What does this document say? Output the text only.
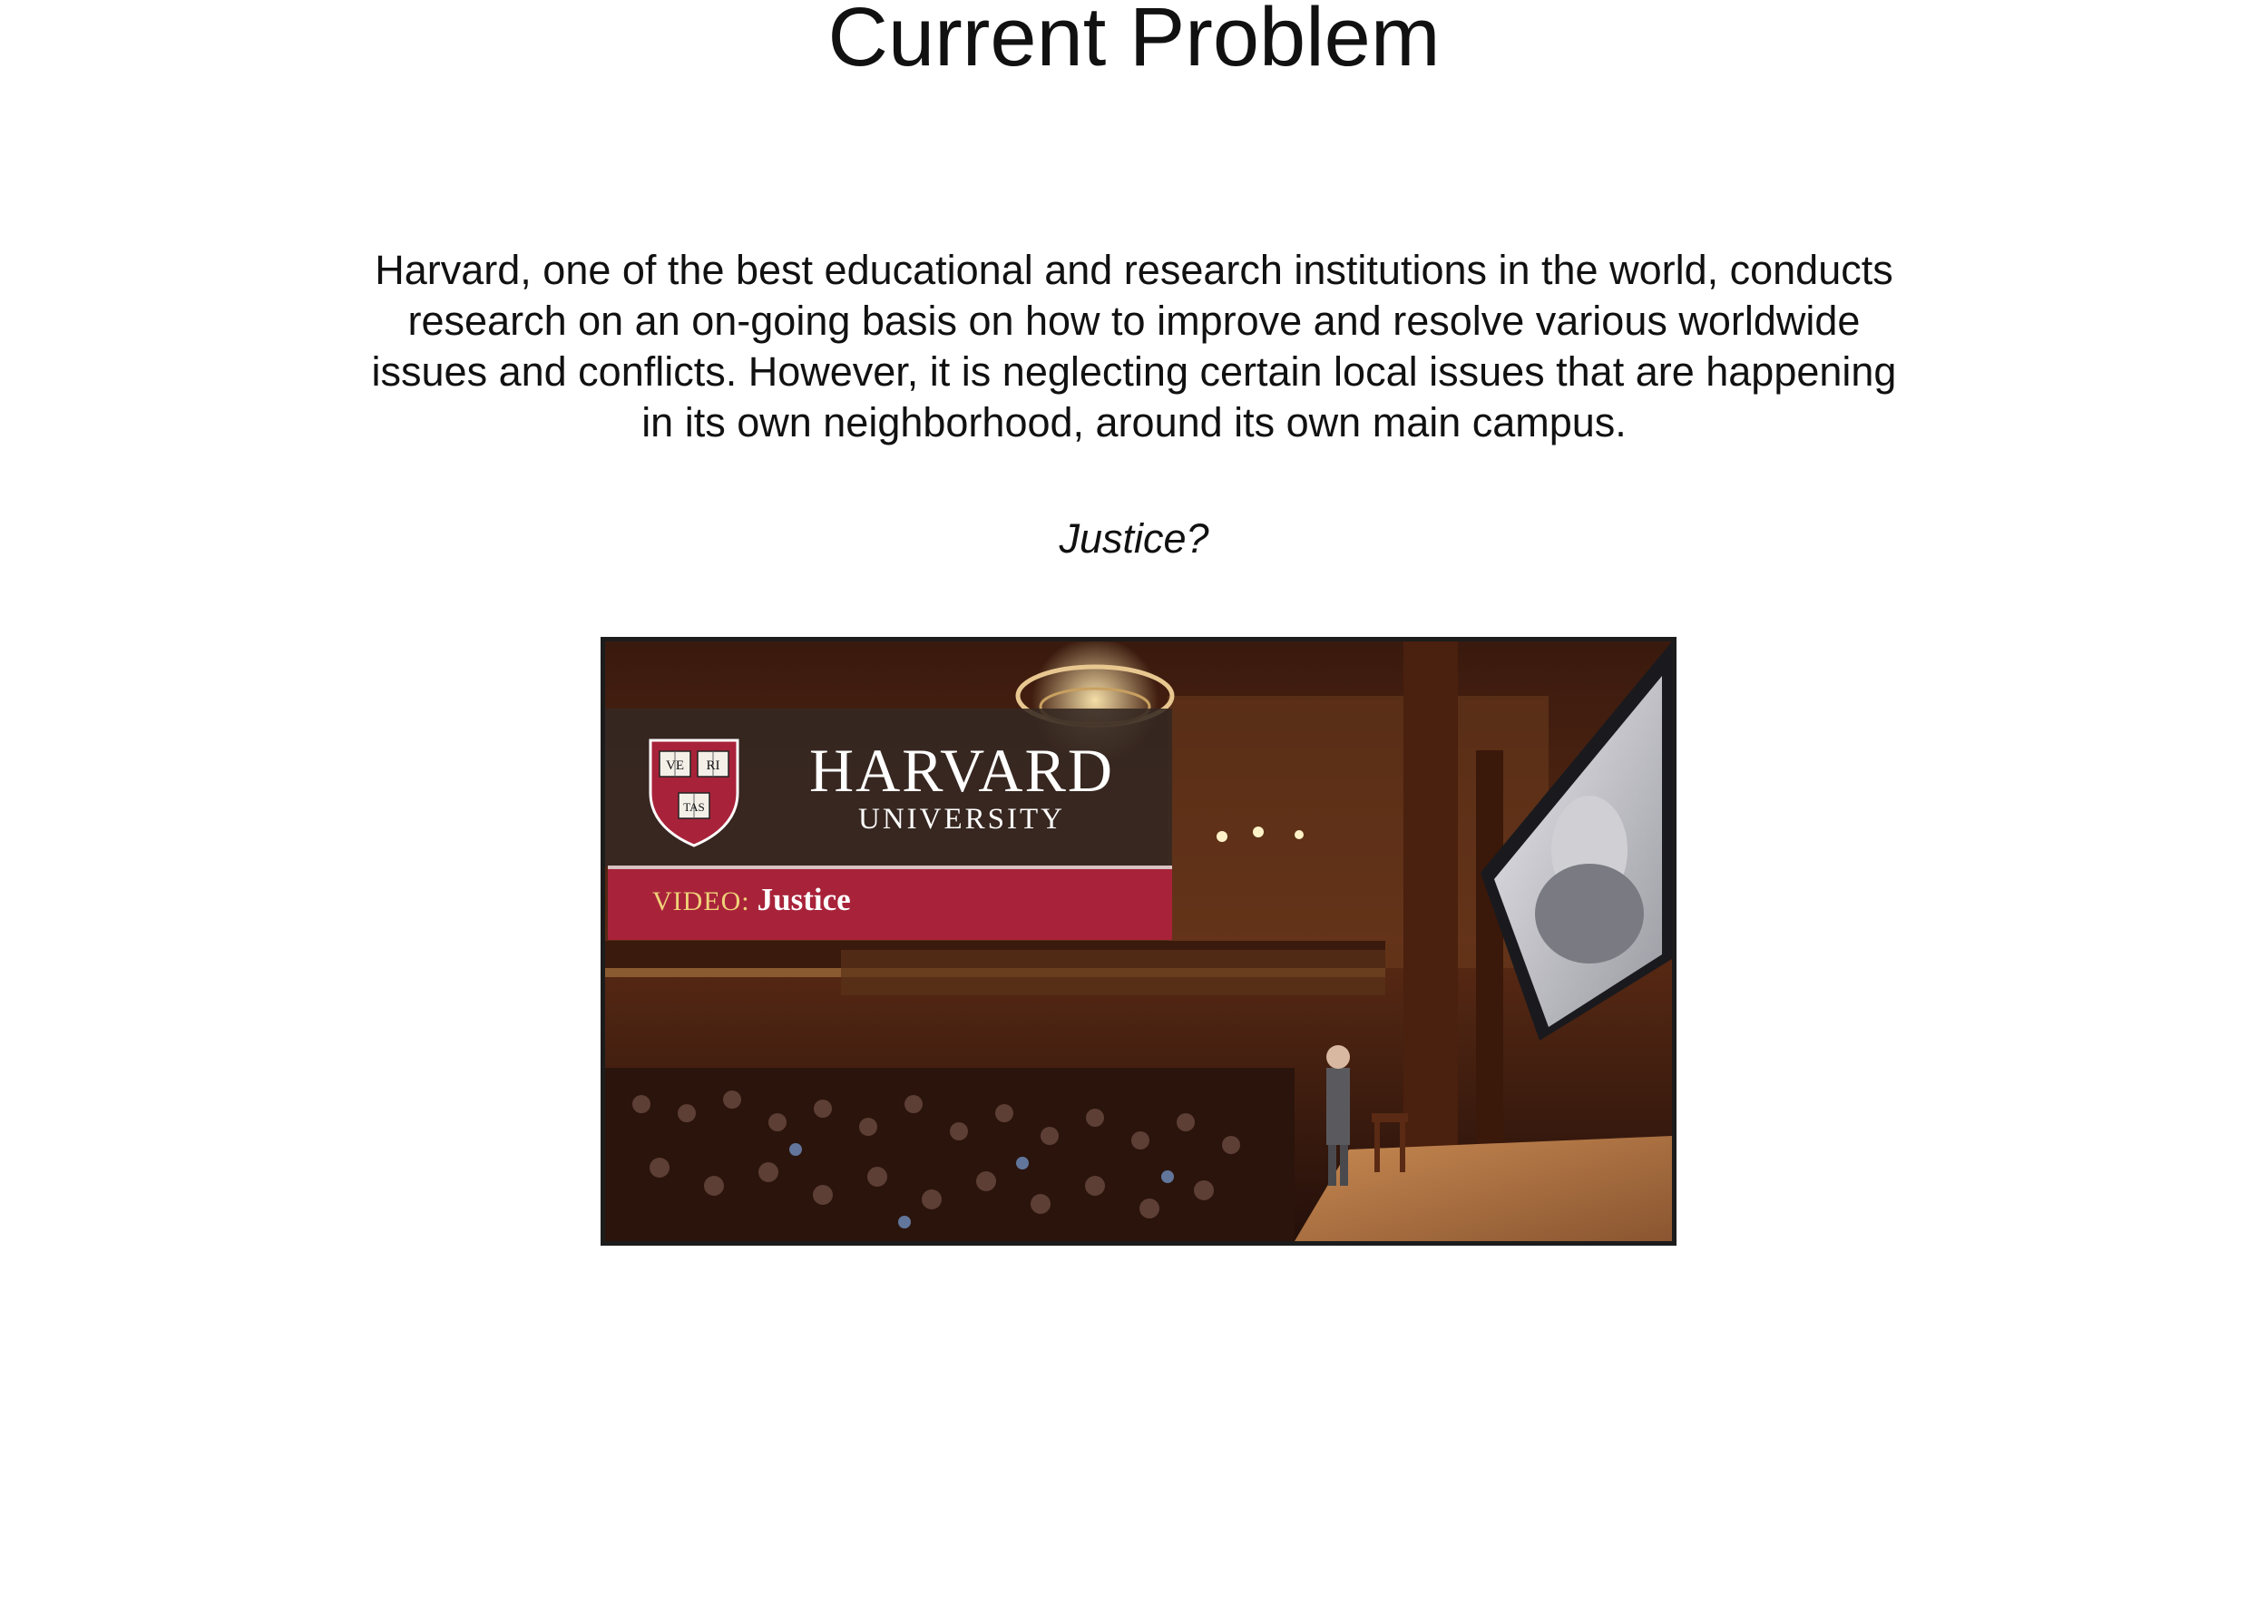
Current Problem

Harvard, one of the best educational and research institutions in the world, conducts research on an on-going basis on how to improve and resolve various worldwide issues and conflicts. However, it is neglecting certain local issues that are happening in its own neighborhood, around its own main campus.

Justice?

VE RI
TAS
HARVARD
UNIVERSITY
VIDEO: Justice
